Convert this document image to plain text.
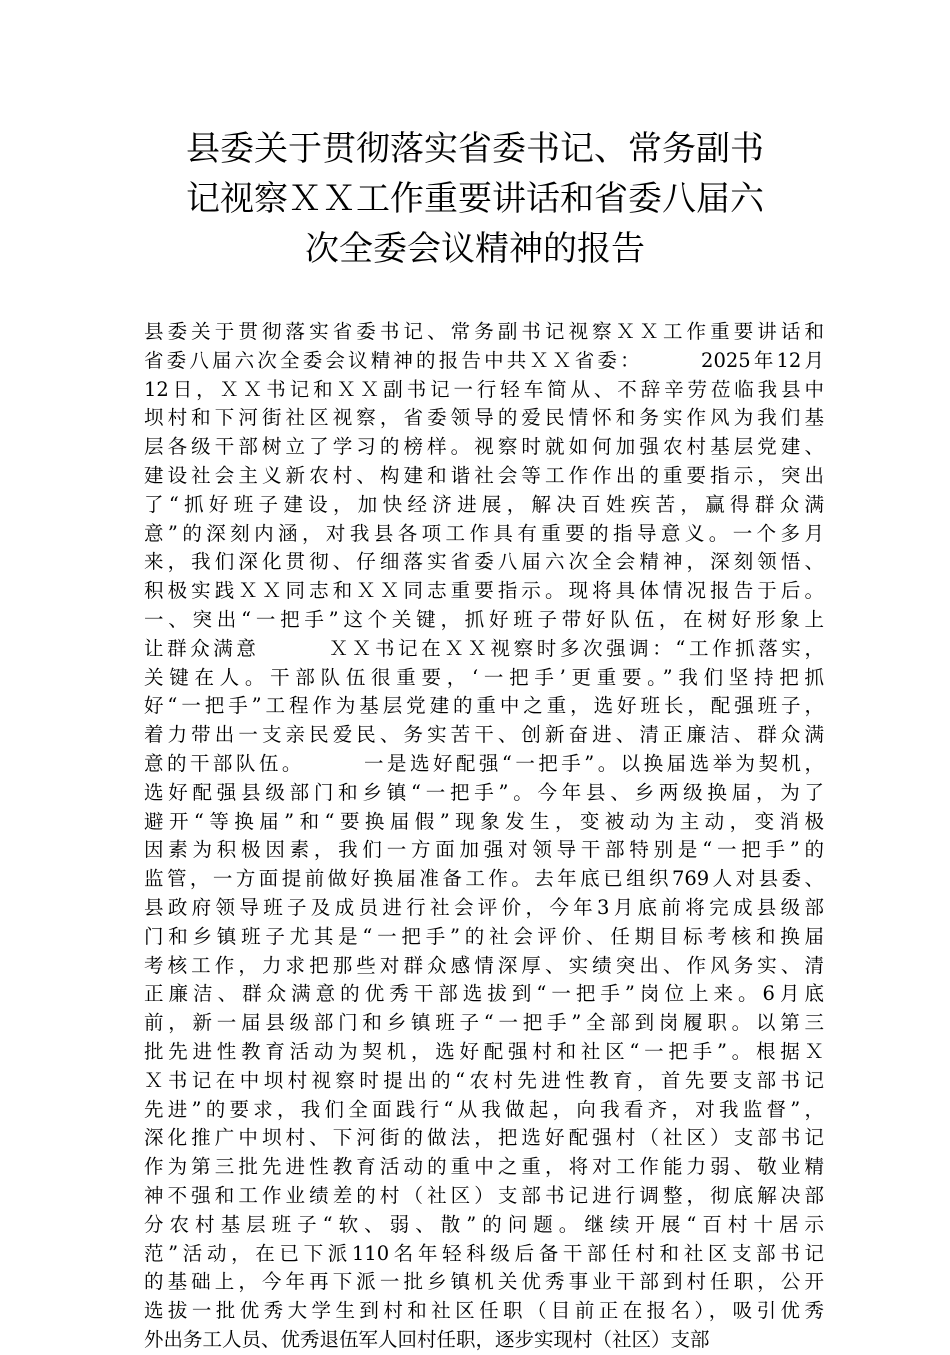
县委关于贯彻落实省委书记、常务副书
记视察ＸＸ工作重要讲话和省委八届六
次全委会议精神的报告
县委关于贯彻落实省委书记、常务副书记视察ＸＸ工作重要讲话和
省委八届六次全委会议精神的报告中共ＸＸ省委：　　　2025年12月
12日，ＸＸ书记和ＸＸ副书记一行轻车简从、不辞辛劳莅临我县中
坝村和下河街社区视察，省委领导的爱民情怀和务实作风为我们基
层各级干部树立了学习的榜样。视察时就如何加强农村基层党建、
建设社会主义新农村、构建和谐社会等工作作出的重要指示，突出
了“抓好班子建设，加快经济进展，解决百姓疾苦，赢得群众满
意”的深刻内涵，对我县各项工作具有重要的指导意义。一个多月
来，我们深化贯彻、仔细落实省委八届六次全会精神，深刻领悟、
积极实践ＸＸ同志和ＸＸ同志重要指示。现将具体情况报告于后。
一、突出“一把手”这个关键，抓好班子带好队伍，在树好形象上
让群众满意　　　ＸＸ书记在ＸＸ视察时多次强调：“工作抓落实，
关键在人。干部队伍很重要，‘一把手’更重要。”我们坚持把抓
好“一把手”工程作为基层党建的重中之重，选好班长，配强班子，
着力带出一支亲民爱民、务实苦干、创新奋进、清正廉洁、群众满
意的干部队伍。　　　一是选好配强“一把手”。以换届选举为契机，
选好配强县级部门和乡镇“一把手”。今年县、乡两级换届，为了
避开“等换届”和“要换届假”现象发生，变被动为主动，变消极
因素为积极因素，我们一方面加强对领导干部特别是“一把手”的
监管，一方面提前做好换届准备工作。去年底已组织769人对县委、
县政府领导班子及成员进行社会评价，今年3月底前将完成县级部
门和乡镇班子尤其是“一把手”的社会评价、任期目标考核和换届
考核工作，力求把那些对群众感情深厚、实绩突出、作风务实、清
正廉洁、群众满意的优秀干部选拔到“一把手”岗位上来。6月底
前，新一届县级部门和乡镇班子“一把手”全部到岗履职。以第三
批先进性教育活动为契机，选好配强村和社区“一把手”。根据Ｘ
Ｘ书记在中坝村视察时提出的“农村先进性教育，首先要支部书记
先进”的要求，我们全面践行“从我做起，向我看齐，对我监督”，
深化推广中坝村、下河街的做法，把选好配强村（社区）支部书记
作为第三批先进性教育活动的重中之重，将对工作能力弱、敬业精
神不强和工作业绩差的村（社区）支部书记进行调整，彻底解决部
分农村基层班子“软、弱、散”的问题。继续开展“百村十居示
范”活动，在已下派110名年轻科级后备干部任村和社区支部书记
的基础上，今年再下派一批乡镇机关优秀事业干部到村任职，公开
选拔一批优秀大学生到村和社区任职（目前正在报名），吸引优秀
外出务工人员、优秀退伍军人回村任职，逐步实现村（社区）支部
